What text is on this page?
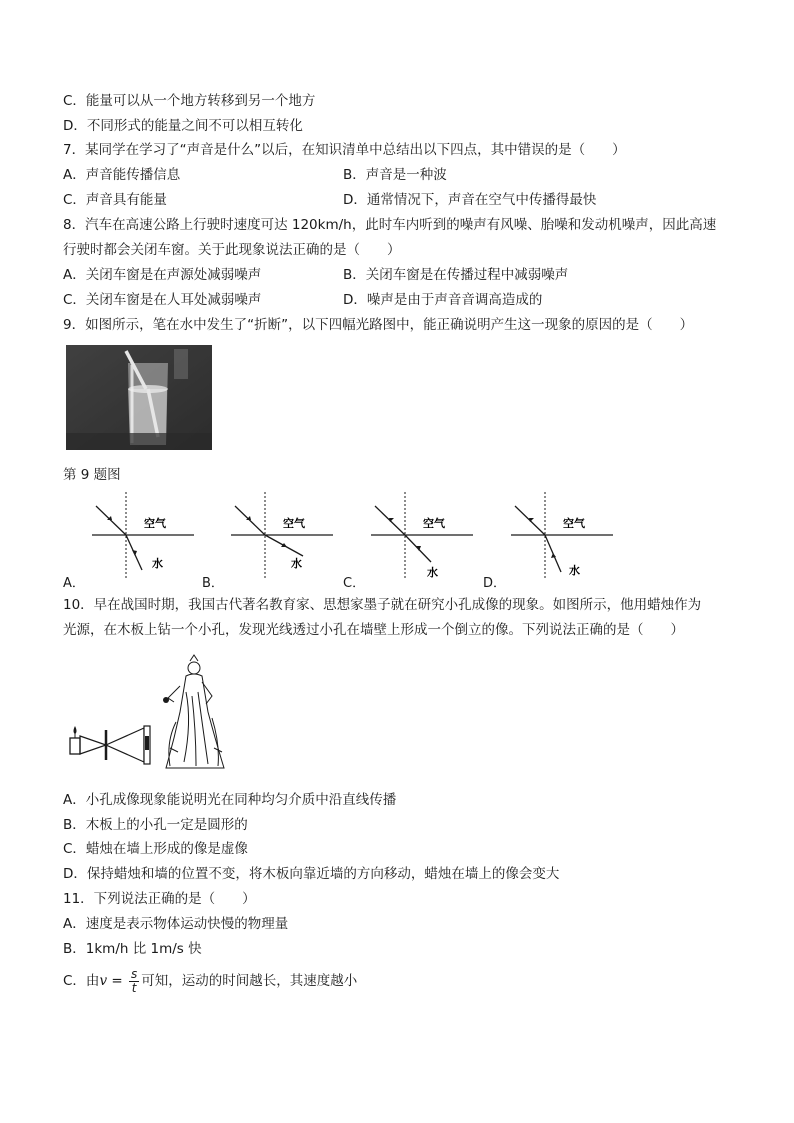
C．能量可以从一个地方转移到另一个地方
D．不同形式的能量之间不可以相互转化
7．某同学在学习了“声音是什么”以后，在知识清单中总结出以下四点，其中错误的是（　　）
A．声音能传播信息	B．声音是一种波
C．声音具有能量	D．通常情况下，声音在空气中传播得最快
8．汽车在高速公路上行驶时速度可达 120km/h，此时车内听到的噪声有风噪、胎噪和发动机噪声，因此高速
行驶时都会关闭车窗。关于此现象说法正确的是（　　）
A．关闭车窗是在声源处减弱噪声	B．关闭车窗是在传播过程中减弱噪声
C．关闭车窗是在人耳处减弱噪声	D．噪声是由于声音音调高造成的
9．如图所示，笔在水中发生了“折断”，以下四幅光路图中，能正确说明产生这一现象的原因的是（　　）
第 9 题图
空气
水
A．
空气
水
B．
空气
水
C．
空气
水
D．
10．早在战国时期，我国古代著名教育家、思想家墨子就在研究小孔成像的现象。如图所示，他用蜡烛作为
光源，在木板上钻一个小孔，发现光线透过小孔在墙壁上形成一个倒立的像。下列说法正确的是（　　）
A．小孔成像现象能说明光在同种均匀介质中沿直线传播
B．木板上的小孔一定是圆形的
C．蜡烛在墙上形成的像是虚像
D．保持蜡烛和墙的位置不变，将木板向靠近墙的方向移动，蜡烛在墙上的像会变大
11．下列说法正确的是（　　）
A．速度是表示物体运动快慢的物理量
B．1km/h 比 1m/s 快
C．由$v = \frac{s}{t}$ 可知，运动的时间越长，其速度越小
